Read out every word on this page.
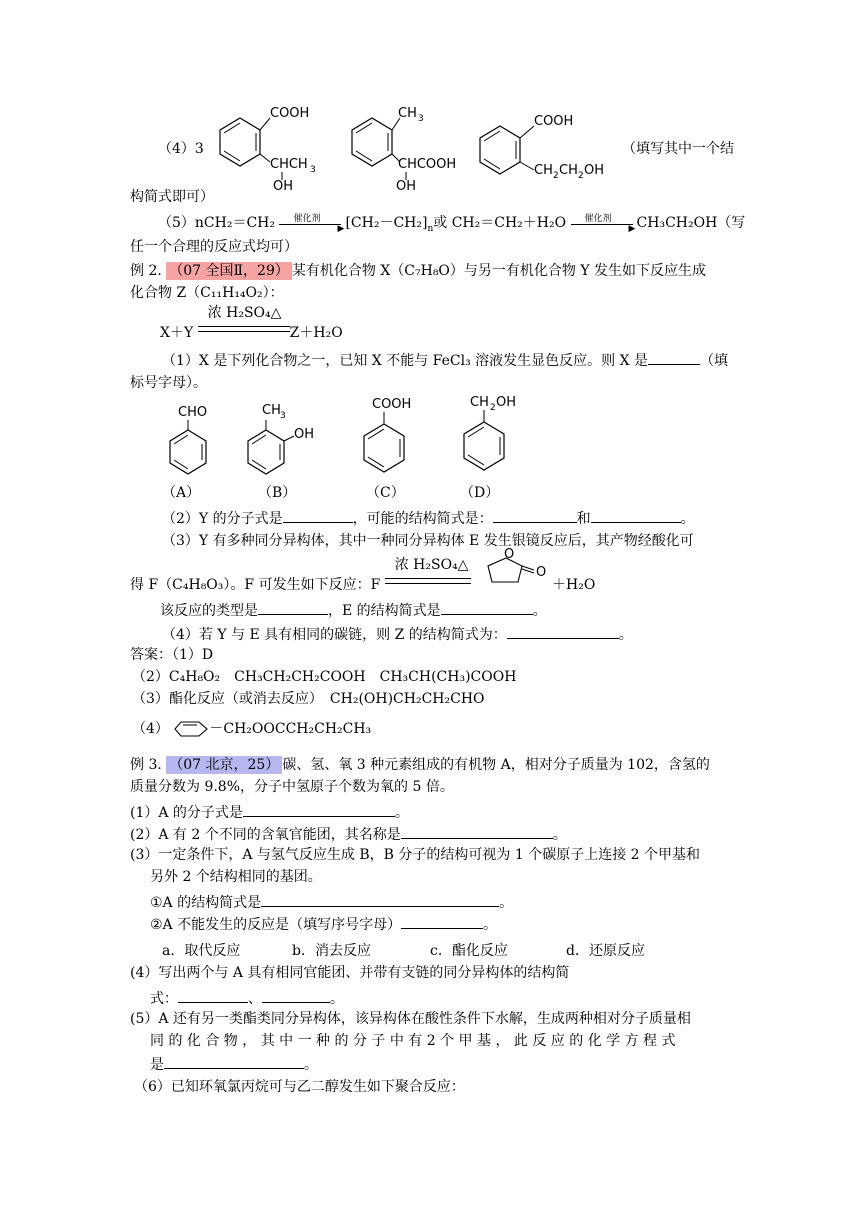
（4）3
COOH
CHCH 3
OH
CH 3
CHCOOH
OH
COOH
CH 2 CH 2 OH
（填写其中一个结
构简式即可）
（5）nCH₂＝CH₂ 催化剂
▶ $[CH_2-CH_2]_n$或 CH₂＝CH₂＋H₂O 催化剂
▶ CH₃CH₂OH（写
任一个合理的反应式均可）
例 2. （07 全国Ⅱ，29） 某有机化合物 X（C₇H₈O）与另一有机化合物 Y 发生如下反应生成
化合物 Z（C₁₁H₁₄O₂）：
X＋Y
浓 H₂SO₄△
Z＋H₂O
（1）X 是下列化合物之一，已知 X 不能与 FeCl₃ 溶液发生显色反应。则 X 是	（填
标号字母）。
CHO	CH 3
OH
COOH	CH 2 OH
（A）	（B）	（C）	（D）
（2）Y 的分子式是	，可能的结构简式是：	和	。
（3）Y 有多种同分异构体，其中一种同分异构体 E 发生银镜反应后，其产物经酸化可
得 F（C₄H₈O₃）。F 可发生如下反应：F
浓 H₂SO₄△
O
O
＋H₂O
该反应的类型是	，E 的结构简式是	。
（4）若 Y 与 E 具有相同的碳链，则 Z 的结构简式为：	。
答案：（1）D
（2）C₄H₈O₂　CH₃CH₂CH₂COOH　CH₃CH(CH₃)COOH
（3）酯化反应（或消去反应）　CH₂(OH)CH₂CH₂CHO
（4）	－CH₂OOCCH₂CH₂CH₃
例 3. （07 北京，25） 碳、氢、氧 3 种元素组成的有机物 A，相对分子质量为 102，含氢的
质量分数为 9.8%，分子中氢原子个数为氧的 5 倍。
(1）A 的分子式是	。
(2）A 有 2 个不同的含氧官能团，其名称是	。
(3）一定条件下，A 与氢气反应生成 B，B 分子的结构可视为 1 个碳原子上连接 2 个甲基和
另外 2 个结构相同的基团。
①A 的结构简式是	。
②A 不能发生的反应是（填写序号字母）	。
a．取代反应	b．消去反应	c．酯化反应	d．还原反应
(4）写出两个与 A 具有相同官能团、并带有支链的同分异构体的结构简
式：	、	。
(5）A 还有另一类酯类同分异构体，该异构体在酸性条件下水解，生成两种相对分子质量相
同 的 化 合 物 ， 其 中 一 种 的 分 子 中 有 2 个 甲 基 ， 此 反 应 的 化 学 方 程 式
是	。
（6）已知环氧氯丙烷可与乙二醇发生如下聚合反应：
